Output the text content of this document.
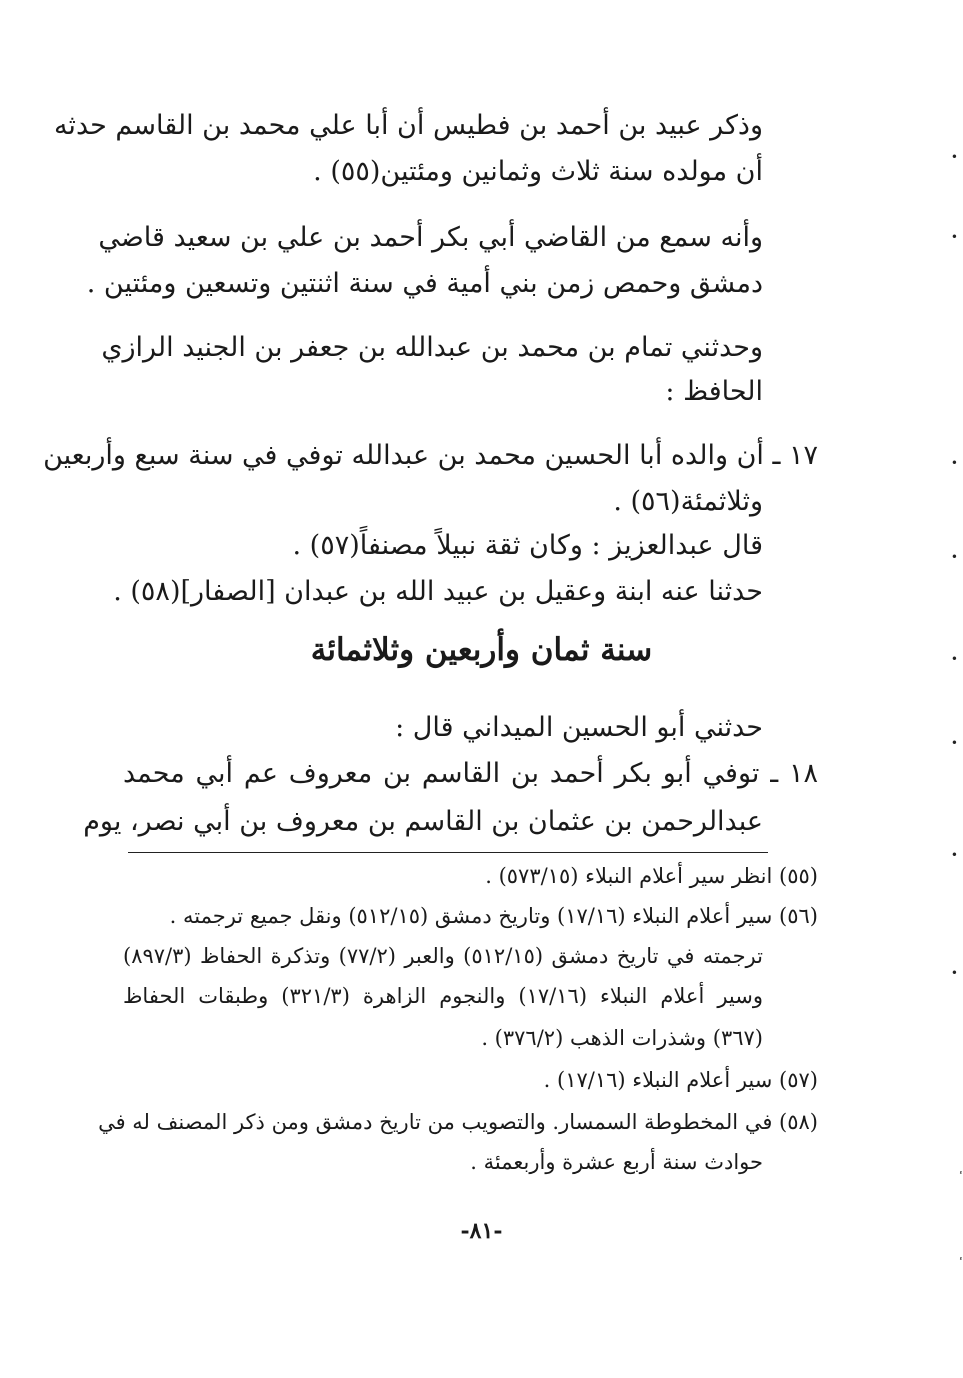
وذكر عبيد بن أحمد بن فطيس أن أبا علي محمد بن القاسم حدثه
أن مولده سنة ثلاث وثمانين ومئتين(٥٥) .
وأنه سمع من القاضي أبي بكر أحمد بن علي بن سعيد قاضي
دمشق وحمص زمن بني أمية في سنة اثنتين وتسعين ومئتين .
وحدثني تمام بن محمد بن عبدالله بن جعفر بن الجنيد الرازي
الحافظ :
١٧ ـ أن والده أبا الحسين محمد بن عبدالله توفي في سنة سبع وأربعين
وثلاثمئة(٥٦) .
قال عبدالعزيز : وكان ثقة نبيلاً مصنفاً(٥٧) .
حدثنا عنه ابنة وعقيل بن عبيد الله بن عبدان [الصفار](٥٨) .
سنة ثمان وأربعين وثلاثمائة
حدثني أبو الحسين الميداني قال :
١٨ ـ توفي أبو بكر أحمد بن القاسم بن معروف عم أبي محمد
عبدالرحمن بن عثمان بن القاسم بن معروف بن أبي نصر، يوم
(٥٥) انظر سير أعلام النبلاء (٥٧٣/١٥) .
(٥٦) سير أعلام النبلاء (١٧/١٦) وتاريخ دمشق (٥١٢/١٥) ونقل جميع ترجمته .
ترجمته في تاريخ دمشق (٥١٢/١٥) والعبر (٧٧/٢) وتذكرة الحفاظ (٨٩٧/٣)
وسير أعلام النبلاء (١٧/١٦) والنجوم الزاهرة (٣٢١/٣) وطبقات الحفاظ
(٣٦٧) وشذرات الذهب (٣٧٦/٢) .
(٥٧) سير أعلام النبلاء (١٧/١٦) .
(٥٨) في المخطوطة السمسار. والتصويب من تاريخ دمشق ومن ذكر المصنف له في
حوادث سنة أربع عشرة وأربعمئة .
-٨١-
•
•
•
•
•
•
•
•
